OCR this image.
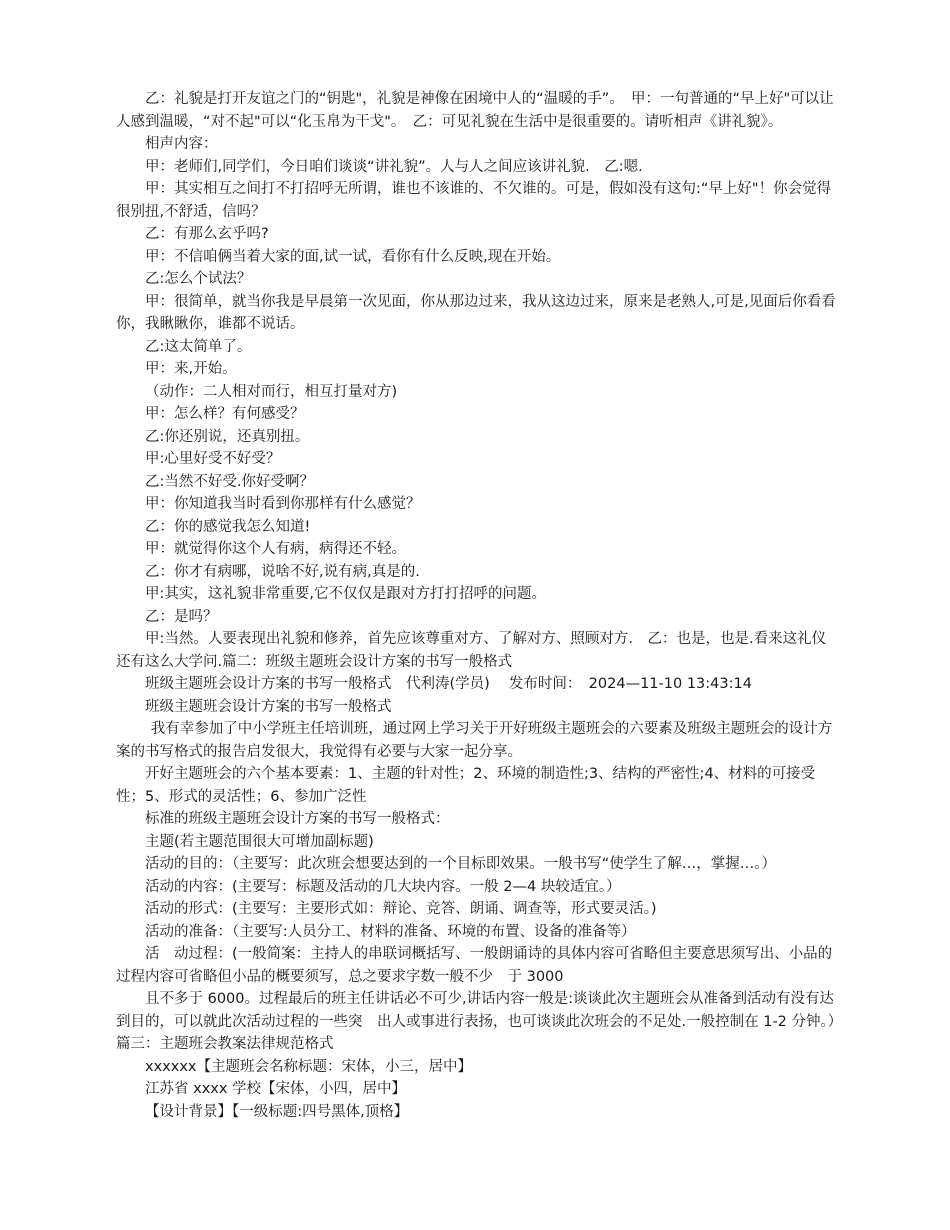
乙：礼貌是打开友谊之门的“钥匙"，礼貌是神像在困境中人的“温暖的手”。　甲：一句普通的“早上好"可以让人感到温暖，“对不起"可以“化玉帛为干戈"。　乙：可见礼貌在生活中是很重要的。请听相声《讲礼貌》。

相声内容：

甲：老师们,同学们，今日咱们谈谈“讲礼貌”。人与人之间应该讲礼貌.　乙:嗯.

甲：其实相互之间打不打招呼无所谓，谁也不该谁的、不欠谁的。可是，假如没有这句:“早上好"！你会觉得很别扭,不舒适，信吗？

乙：有那么玄乎吗?

甲：不信咱俩当着大家的面,试一试，看你有什么反映,现在开始。

乙:怎么个试法？

甲：很简单，就当你我是早晨第一次见面，你从那边过来，我从这边过来，原来是老熟人,可是,见面后你看看你，我瞅瞅你，谁都不说话。

乙:这太简单了。

甲：来,开始。

（动作：二人相对而行，相互打量对方)

甲：怎么样？有何感受？

乙:你还别说，还真别扭。

甲:心里好受不好受？

乙:当然不好受.你好受啊？

甲：你知道我当时看到你那样有什么感觉？

乙：你的感觉我怎么知道!

甲：就觉得你这个人有病，病得还不轻。

乙：你才有病哪，说啥不好,说有病,真是的.

甲:其实，这礼貌非常重要,它不仅仅是跟对方打打招呼的问题。

乙：是吗？

甲:当然。人要表现出礼貌和修养，首先应该尊重对方、了解对方、照顾对方.　乙：也是，也是.看来这礼仪还有这么大学问.篇二：班级主题班会设计方案的书写一般格式

班级主题班会设计方案的书写一般格式　代利涛(学员)　 发布时间：　2024—11-10 13:43:14

班级主题班会设计方案的书写一般格式

我有幸参加了中小学班主任培训班，通过网上学习关于开好班级主题班会的六要素及班级主题班会的设计方案的书写格式的报告启发很大，我觉得有必要与大家一起分享。

开好主题班会的六个基本要素：1、主题的针对性；2、环境的制造性;3、结构的严密性;4、材料的可接受性；5、形式的灵活性；6、参加广泛性

标准的班级主题班会设计方案的书写一般格式：

主题(若主题范围很大可增加副标题)

活动的目的：（主要写：此次班会想要达到的一个目标即效果。一般书写“使学生了解…，掌握…。）

活动的内容：(主要写：标题及活动的几大块内容。一般 2—4 块较适宜。）

活动的形式：(主要写：主要形式如：辩论、竞答、朗诵、调查等，形式要灵活。)

活动的准备：（主要写:人员分工、材料的准备、环境的布置、设备的准备等）

活　动过程：(一般简案：主持人的串联词概括写、一般朗诵诗的具体内容可省略但主要意思须写出、小品的过程内容可省略但小品的概要须写，总之要求字数一般不少　于 3000

且不多于 6000。过程最后的班主任讲话必不可少,讲话内容一般是:谈谈此次主题班会从准备到活动有没有达到目的，可以就此次活动过程的一些突　出人或事进行表扬，也可谈谈此次班会的不足处.一般控制在 1-2 分钟。）篇三：主题班会教案法律规范格式

xxxxxx【主题班会名称标题：宋体，小三，居中】

江苏省 xxxx 学校【宋体，小四，居中】

【设计背景】【一级标题:四号黑体,顶格】
